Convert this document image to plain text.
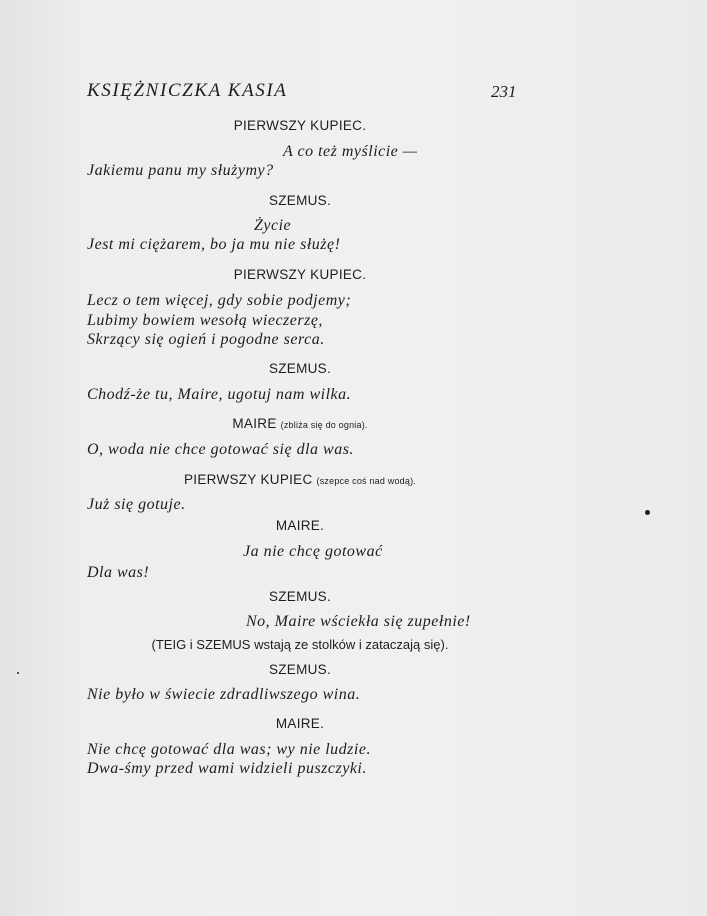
KSIĘŻNICZKA KASIA	231
PIERWSZY KUPIEC.
A co też myślicie —
Jakiemu panu my służymy?
SZEMUS.
Życie
Jest mi ciężarem, bo ja mu nie służę!
PIERWSZY KUPIEC.
Lecz o tem więcej, gdy sobie podjemy;
Lubimy bowiem wesołą wieczerzę,
Skrzący się ogień i pogodne serca.
SZEMUS.
Chodź-że tu, Maire, ugotuj nam wilka.
MAIRE (zbliża się do ognia).
O, woda nie chce gotować się dla was.
PIERWSZY KUPIEC (szepce coś nad wodą).
Już się gotuje.
MAIRE.
Ja nie chcę gotować
Dla was!
SZEMUS.
No, Maire wściekła się zupełnie!
(TEIG i SZEMUS wstają ze stolków i zataczają się).
SZEMUS.
Nie było w świecie zdradliwszego wina.
MAIRE.
Nie chcę gotować dla was; wy nie ludzie.
Dwa-śmy przed wami widzieli puszczyki.
